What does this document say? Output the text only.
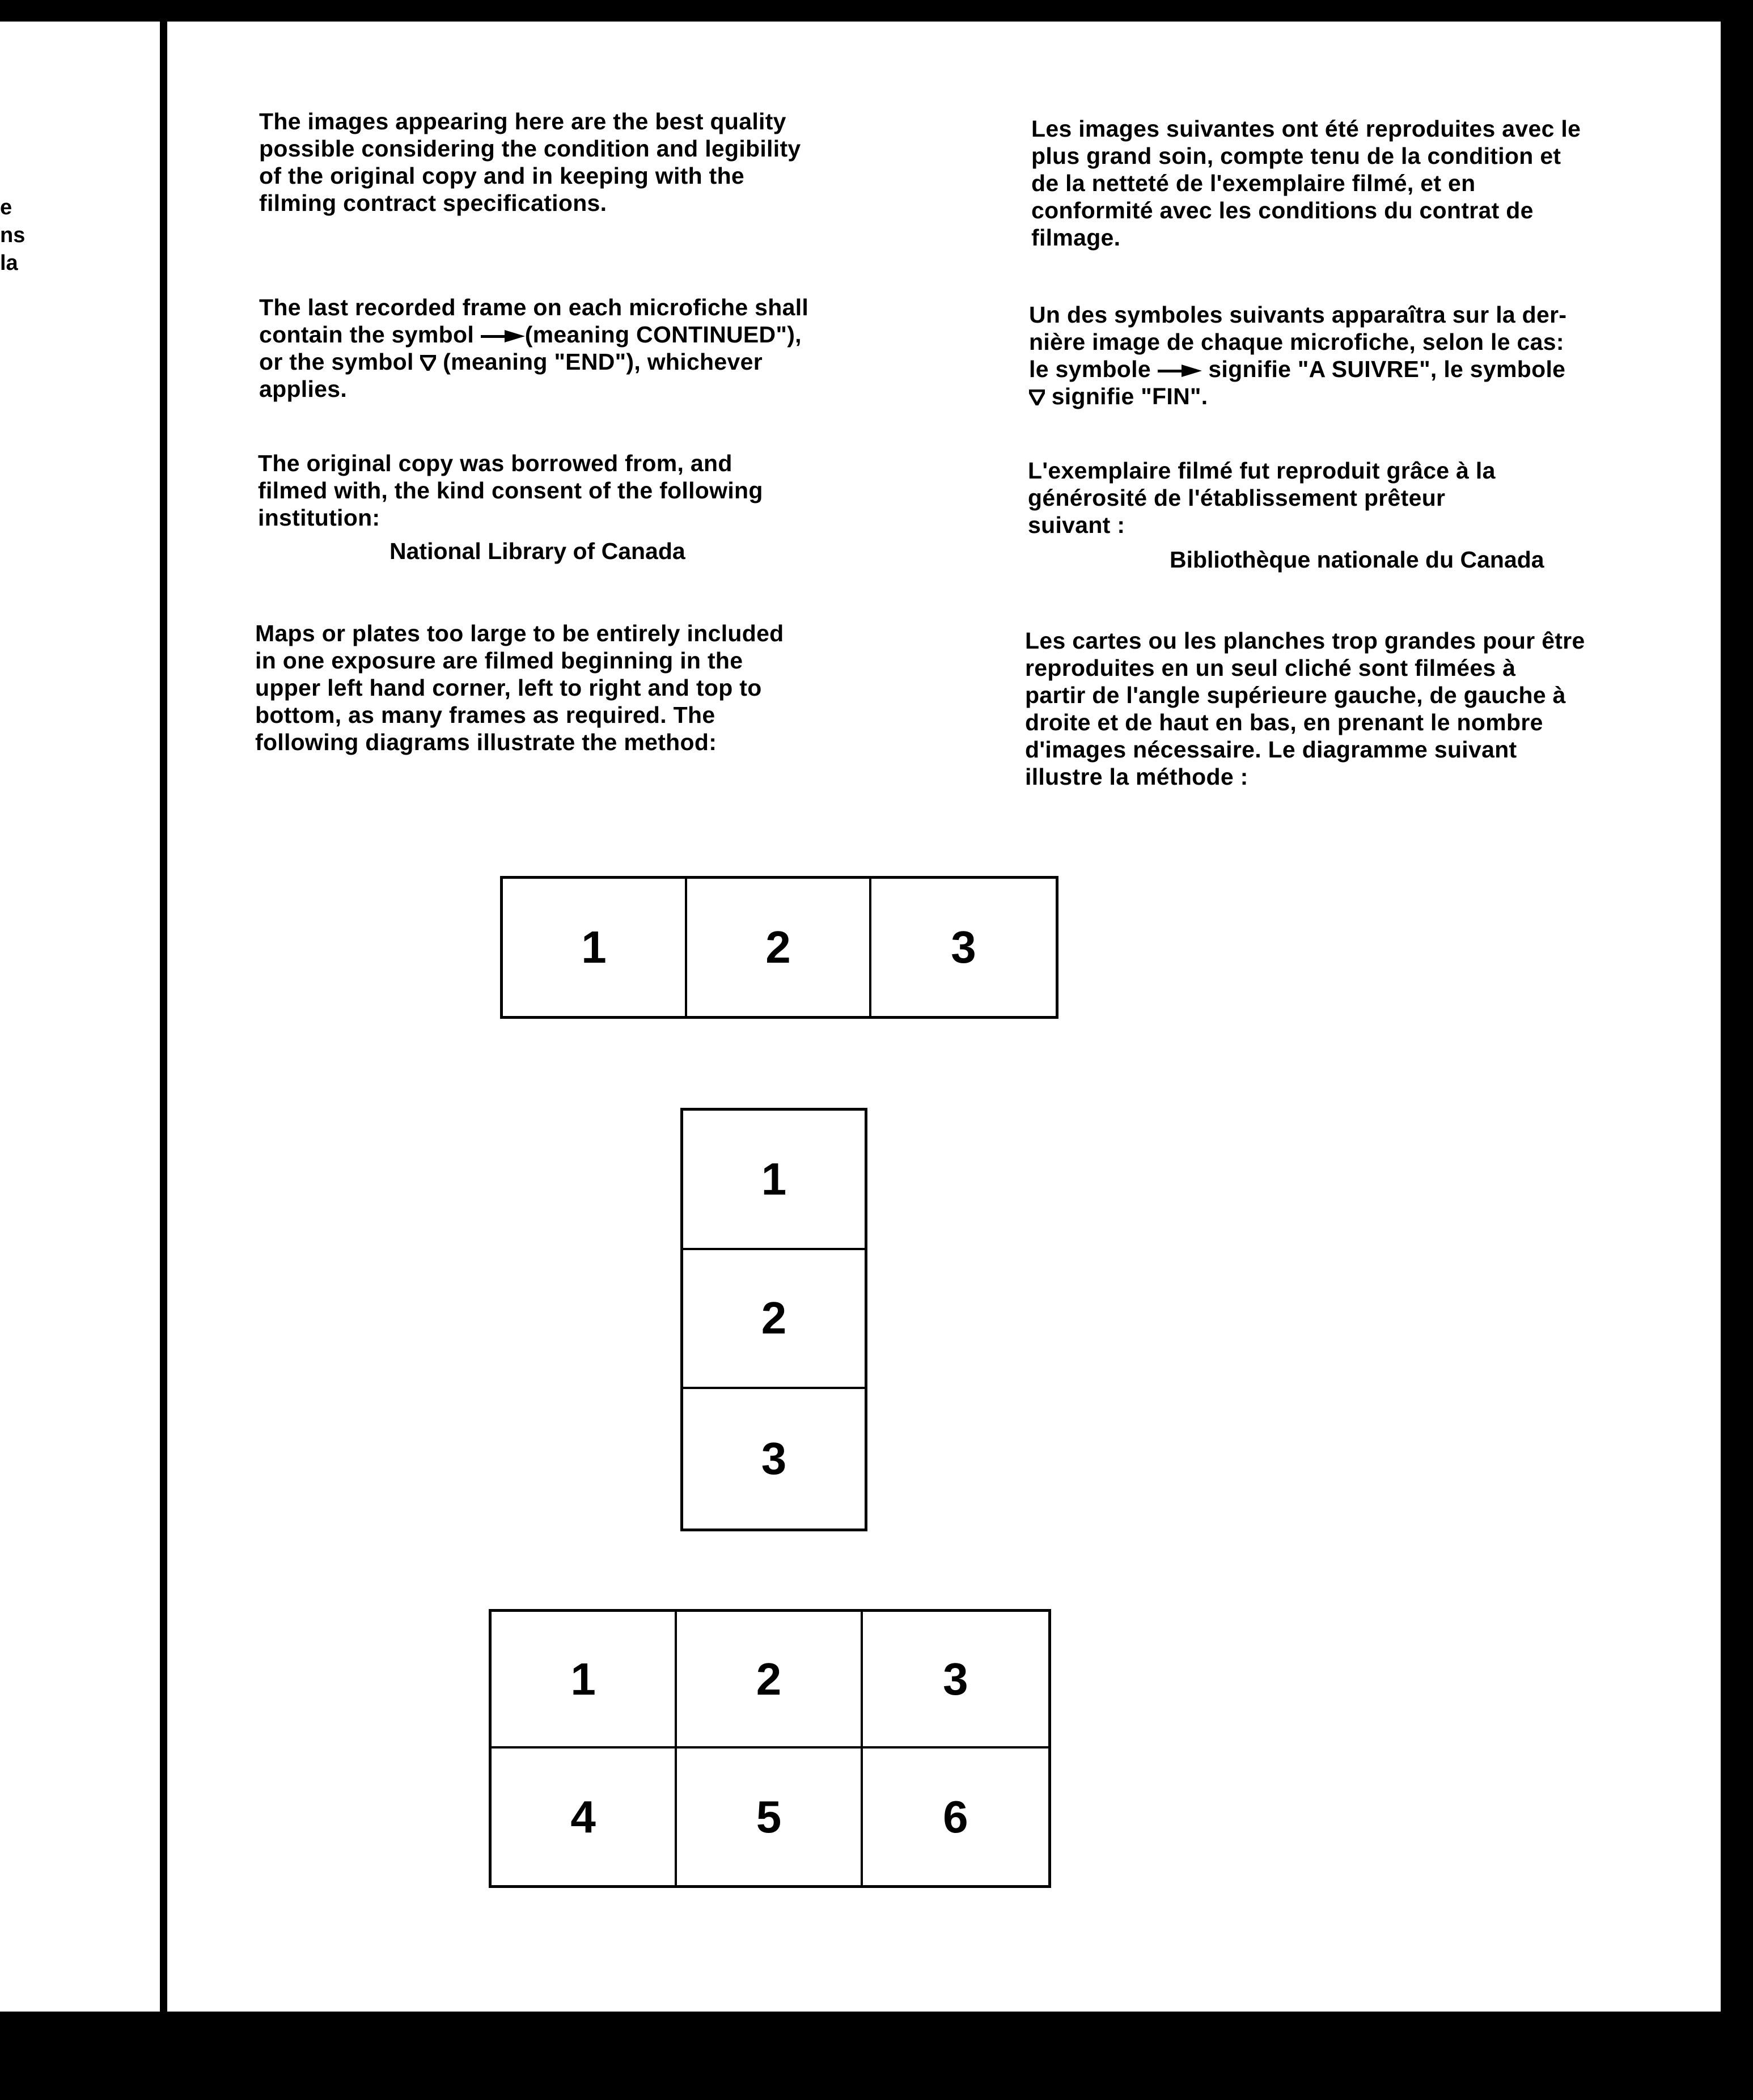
e
ns
la
The images appearing here are the best quality
possible considering the condition and legibility
of the original copy and in keeping with the
filming contract specifications.
The last recorded frame on each microfiche shall
contain the symbol (meaning CONTINUED"),
or the symbol  (meaning "END"), whichever
applies.
The original copy was borrowed from, and
filmed with, the kind consent of the following
institution:
National Library of Canada
Maps or plates too large to be entirely included
in one exposure are filmed beginning in the
upper left hand corner, left to right and top to
bottom, as many frames as required. The
following diagrams illustrate the method:
Les images suivantes ont été reproduites avec le
plus grand soin, compte tenu de la condition et
de la netteté de l'exemplaire filmé, et en
conformité avec les conditions du contrat de
filmage.
Un des symboles suivants apparaîtra sur la der-
nière image de chaque microfiche, selon le cas:
le symbole  signifie "A SUIVRE", le symbole
signifie "FIN".
L'exemplaire filmé fut reproduit grâce à la
générosité de l'établissement prêteur
suivant :
Bibliothèque nationale du Canada
Les cartes ou les planches trop grandes pour être
reproduites en un seul cliché sont filmées à
partir de l'angle supérieure gauche, de gauche à
droite et de haut en bas, en prenant le nombre
d'images nécessaire. Le diagramme suivant
illustre la méthode :
1	2	3
1
2
3
1	2	3
4	5	6
